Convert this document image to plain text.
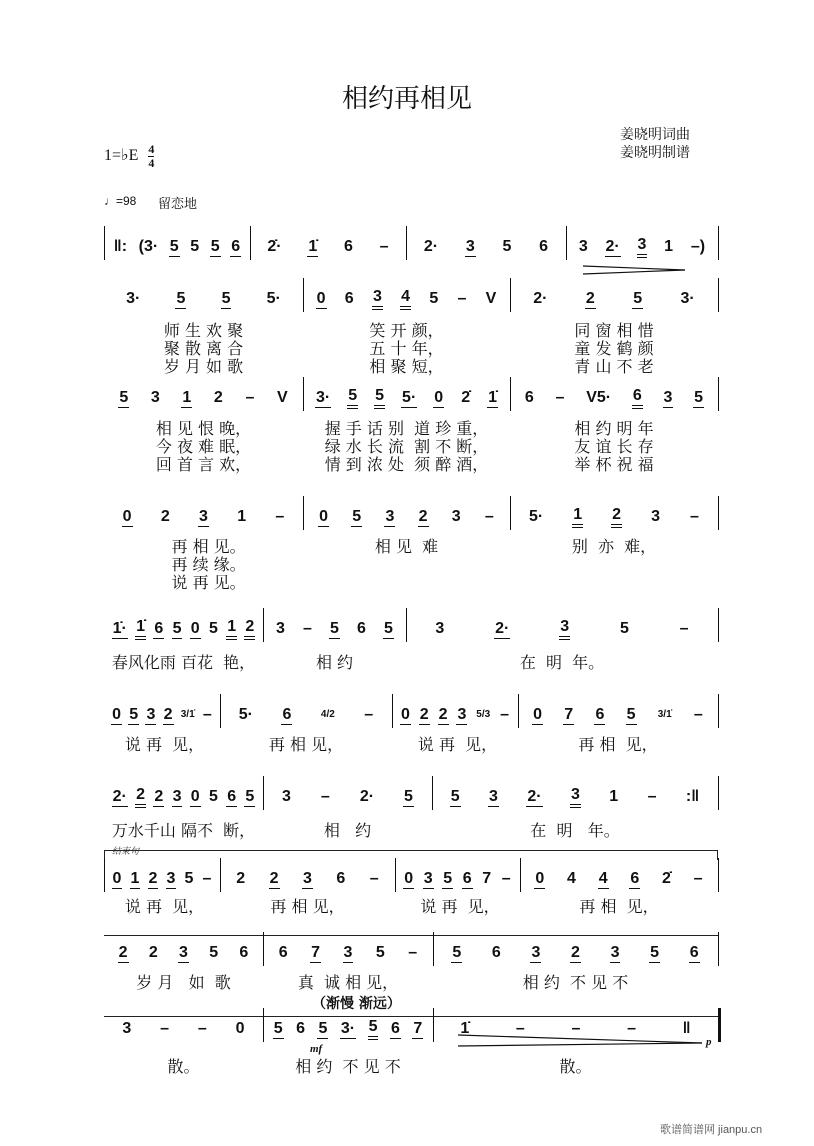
相约再相见
姜晓明词曲
姜晓明制谱
1=♭E $\frac{4}{4}$
♩=98 留恋地
结束句
（渐慢 渐远）
mf
p
‖: (3· 5 5 5 6 2̇· 1̇ 6 – 2· 3 5 6 3 2· 3 1 –)
3· 5 5 5· 0 6 3 4 5 – V 2· 2 5 3·
师 生 欢 聚	笑 开 颜，	同 窗 相 惜
聚 散 离 合	五 十 年，	童 发 鹤 颜
岁 月 如 歌	相 聚 短，	青 山 不 老
5 3 1 2 – V 3· 5 5 5· 0 2̇ 1̇ 6 – V5· 6 3 5
相 见 恨 晚，	握 手 话 别  道 珍 重，	相 约 明 年
今 夜 难 眠，	绿 水 长 流  割 不 断，	友 谊 长 存
回 首 言 欢，	情 到 浓 处  须 醉 酒，	举 杯 祝 福
0 2 3 1 – 0 5 3 2 3 – 5· 1 2 3 –
再 相 见。	相 见  难	别  亦  难，
再 续 缘。
说 再 见。
1̇· 1̇ 6 5 0 5 1 2 3 – 5 6 5	3	2·	3	5	–
春风化雨 百花  艳，	相 约	在  明  年。
0 5 3 2 3/1̇ – 5· 6	4/2 – 0 2 2 3 5/3 – 0 7 6 5 3/1̇ –
说 再  见，	再 相 见，	说 再  见，	再 相  见，
2· 2 2 3 0 5 6 5 3 – 2· 5 5 3 2· 3 1 – :‖
万水千山 隔不  断，	相   约	在  明   年。
0 1 2 3 5 – 2 2 3 6 – 0 3 5 6 7 – 0 4 4 6 2̇ –
说 再  见，	再 相 见，	说 再  见，	再 相  见，
2 2 3 5 6 6 7 3 5 – 5 6 3 2 3 5 6
岁 月   如  歌	真  诚 相 见，	相 约  不 见 不
3 – – 0 5 6 5 3· 5 6 7 1̇	–	–	–	‖
散。	相 约  不 见 不	散。
歌谱简谱网 jianpu.cn
